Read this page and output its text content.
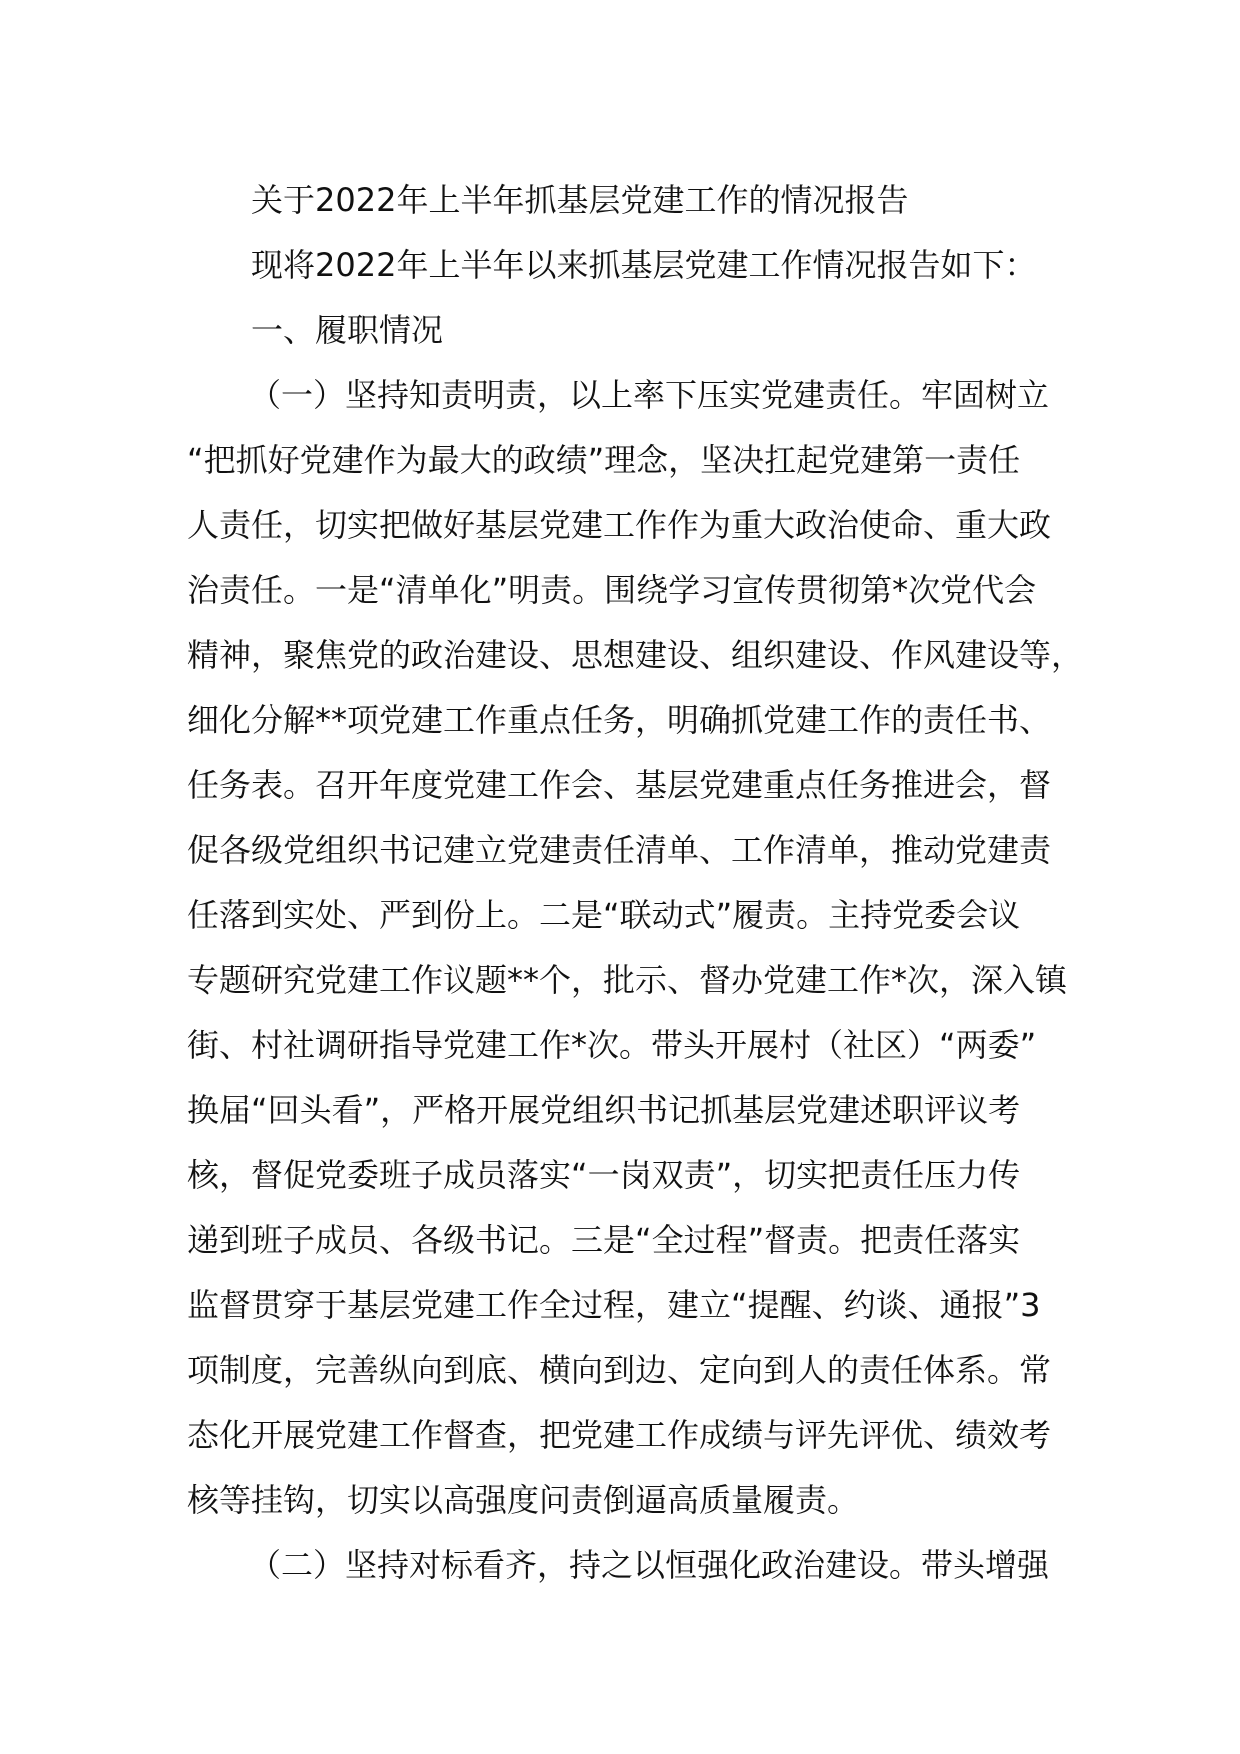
关于2022年上半年抓基层党建工作的情况报告
现将2022年上半年以来抓基层党建工作情况报告如下：
一、履职情况
（一）坚持知责明责，以上率下压实党建责任。牢固树立
“把抓好党建作为最大的政绩”理念，坚决扛起党建第一责任
人责任，切实把做好基层党建工作作为重大政治使命、重大政
治责任。一是“清单化”明责。围绕学习宣传贯彻第*次党代会
精神，聚焦党的政治建设、思想建设、组织建设、作风建设等，
细化分解**项党建工作重点任务，明确抓党建工作的责任书、
任务表。召开年度党建工作会、基层党建重点任务推进会，督
促各级党组织书记建立党建责任清单、工作清单，推动党建责
任落到实处、严到份上。二是“联动式”履责。主持党委会议
专题研究党建工作议题**个，批示、督办党建工作*次，深入镇
街、村社调研指导党建工作*次。带头开展村（社区）“两委”
换届“回头看”，严格开展党组织书记抓基层党建述职评议考
核，督促党委班子成员落实“一岗双责”，切实把责任压力传
递到班子成员、各级书记。三是“全过程”督责。把责任落实
监督贯穿于基层党建工作全过程，建立“提醒、约谈、通报”3
项制度，完善纵向到底、横向到边、定向到人的责任体系。常
态化开展党建工作督查，把党建工作成绩与评先评优、绩效考
核等挂钩，切实以高强度问责倒逼高质量履责。
（二）坚持对标看齐，持之以恒强化政治建设。带头增强
